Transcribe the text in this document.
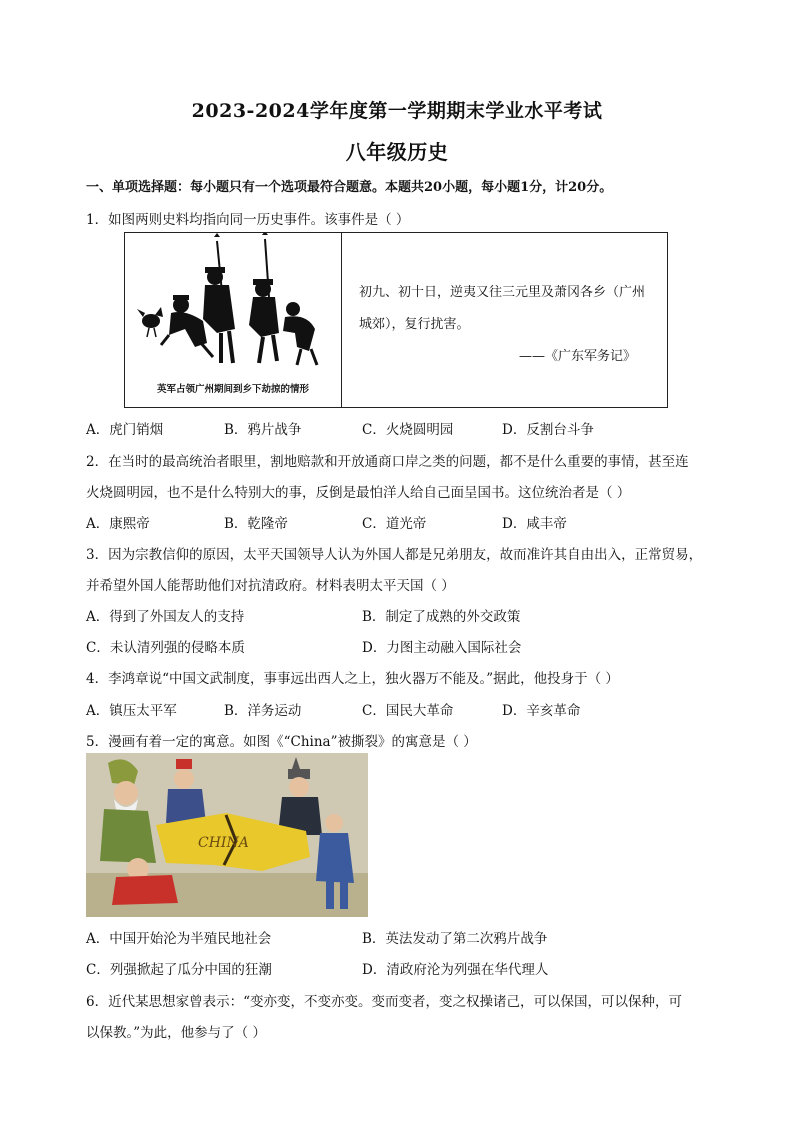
2023-2024学年度第一学期期末学业水平考试
八年级历史
一、单项选择题：每小题只有一个选项最符合题意。本题共20小题，每小题1分，计20分。
1．如图两则史料均指向同一历史事件。该事件是（ ）
英军占领广州期间到乡下劫掠的情形
初九、初十日，逆夷又往三元里及萧冈各乡（广州
城郊），复行扰害。
——《广东军务记》
A．虎门销烟	B．鸦片战争	C．火烧圆明园	D．反割台斗争
2．在当时的最高统治者眼里，割地赔款和开放通商口岸之类的问题，都不是什么重要的事情，甚至连
火烧圆明园，也不是什么特别大的事，反倒是最怕洋人给自己面呈国书。这位统治者是（ ）
A．康熙帝	B．乾隆帝	C．道光帝	D．咸丰帝
3．因为宗教信仰的原因，太平天国领导人认为外国人都是兄弟朋友，故而准许其自由出入，正常贸易，
并希望外国人能帮助他们对抗清政府。材料表明太平天国（ ）
A．得到了外国友人的支持	B．制定了成熟的外交政策
C．未认清列强的侵略本质	D．力图主动融入国际社会
4．李鸿章说“中国文武制度，事事远出西人之上，独火器万不能及。”据此，他投身于（ ）
A．镇压太平军	B．洋务运动	C．国民大革命	D．辛亥革命
5．漫画有着一定的寓意。如图《“China”被撕裂》的寓意是（ ）
CHINA
A．中国开始沦为半殖民地社会	B．英法发动了第二次鸦片战争
C．列强掀起了瓜分中国的狂潮	D．清政府沦为列强在华代理人
6．近代某思想家曾表示：“变亦变，不变亦变。变而变者，变之权操诸己，可以保国，可以保种，可
以保教。”为此，他参与了（ ）
